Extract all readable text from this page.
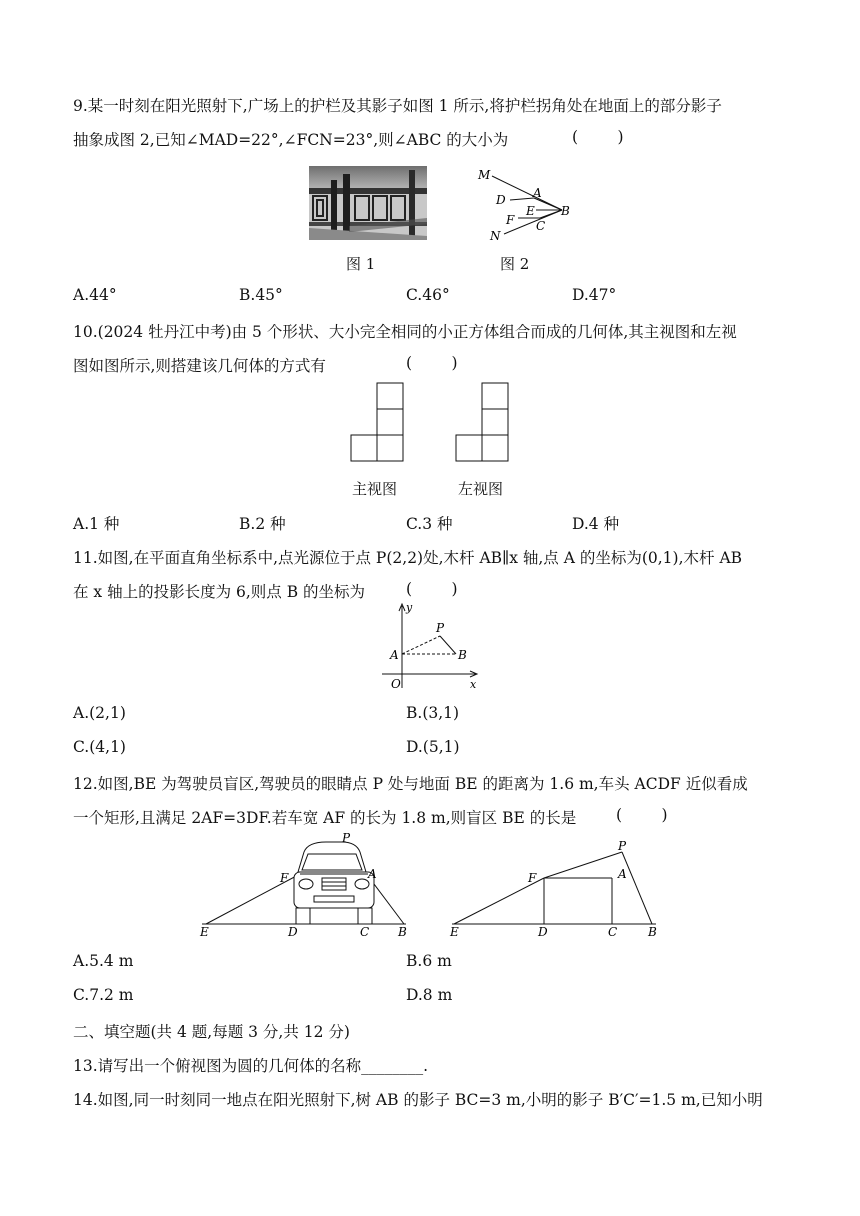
9.某一时刻在阳光照射下,广场上的护栏及其影子如图 1 所示,将护栏拐角处在地面上的部分影子
抽象成图 2,已知∠MAD=22°,∠FCN=23°,则∠ABC 的大小为	(        )
M
D A
E B
F C
N
图 1	图 2
A.44°	B.45°	C.46°	D.47°
10.(2024 牡丹江中考)由 5 个形状、大小完全相同的小正方体组合而成的几何体,其主视图和左视
图如图所示,则搭建该几何体的方式有	(        )
主视图	左视图
A.1 种	B.2 种	C.3 种	D.4 种
11.如图,在平面直角坐标系中,点光源位于点 P(2,2)处,木杆 AB∥x 轴,点 A 的坐标为(0,1),木杆 AB
在 x 轴上的投影长度为 6,则点 B 的坐标为	(        )
y
P
A	B
O	x
A.(2,1)	B.(3,1)
C.(4,1)	D.(5,1)
12.如图,BE 为驾驶员盲区,驾驶员的眼睛点 P 处与地面 BE 的距离为 1.6 m,车头 ACDF 近似看成
一个矩形,且满足 2AF=3DF.若车宽 AF 的长为 1.8 m,则盲区 BE 的长是	(        )
P
F	A
E	D	C B
P
F	A
E	D	C	B
A.5.4 m	B.6 m
C.7.2 m	D.8 m
二、填空题(共 4 题,每题 3 分,共 12 分)
13.请写出一个俯视图为圆的几何体的名称________.
14.如图,同一时刻同一地点在阳光照射下,树 AB 的影子 BC=3 m,小明的影子 B′C′=1.5 m,已知小明
